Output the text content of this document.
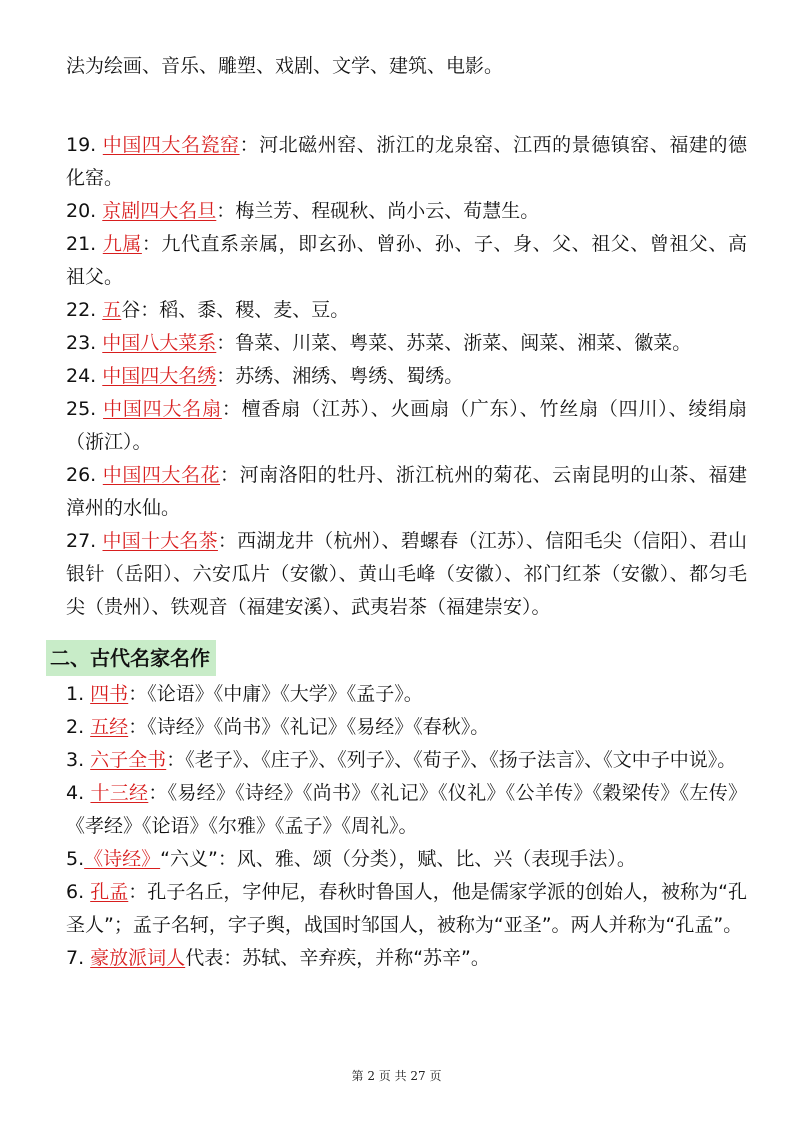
法为绘画、音乐、雕塑、戏剧、文学、建筑、电影。

19. 中国四大名瓷窑：河北磁州窑、浙江的龙泉窑、江西的景德镇窑、福建的德化窑。

20. 京剧四大名旦：梅兰芳、程砚秋、尚小云、荀慧生。

21. 九属：九代直系亲属，即玄孙、曾孙、孙、子、身、父、祖父、曾祖父、高祖父。

22. 五谷：稻、黍、稷、麦、豆。

23. 中国八大菜系：鲁菜、川菜、粤菜、苏菜、浙菜、闽菜、湘菜、徽菜。

24. 中国四大名绣：苏绣、湘绣、粤绣、蜀绣。

25. 中国四大名扇：檀香扇（江苏）、火画扇（广东）、竹丝扇（四川）、绫绢扇（浙江）。

26. 中国四大名花：河南洛阳的牡丹、浙江杭州的菊花、云南昆明的山茶、福建漳州的水仙。

27. 中国十大名茶：西湖龙井（杭州）、碧螺春（江苏）、信阳毛尖（信阳）、君山银针（岳阳）、六安瓜片（安徽）、黄山毛峰（安徽）、祁门红茶（安徽）、都匀毛尖（贵州）、铁观音（福建安溪）、武夷岩茶（福建崇安）。

二、古代名家名作

1. 四书：《论语》《中庸》《大学》《孟子》。

2. 五经：《诗经》《尚书》《礼记》《易经》《春秋》。

3. 六子全书：《老子》、《庄子》、《列子》、《荀子》、《扬子法言》、《文中子中说》。

4. 十三经：《易经》《诗经》《尚书》《礼记》《仪礼》《公羊传》《穀梁传》《左传》《孝经》《论语》《尔雅》《孟子》《周礼》。

5.《诗经》“六义”：风、雅、颂（分类），赋、比、兴（表现手法）。

6. 孔孟：孔子名丘，字仲尼，春秋时鲁国人，他是儒家学派的创始人，被称为“孔圣人”；孟子名轲，字子舆，战国时邹国人，被称为“亚圣”。两人并称为“孔孟”。

7. 豪放派词人代表：苏轼、辛弃疾，并称“苏辛”。

第 2 页 共 27 页
